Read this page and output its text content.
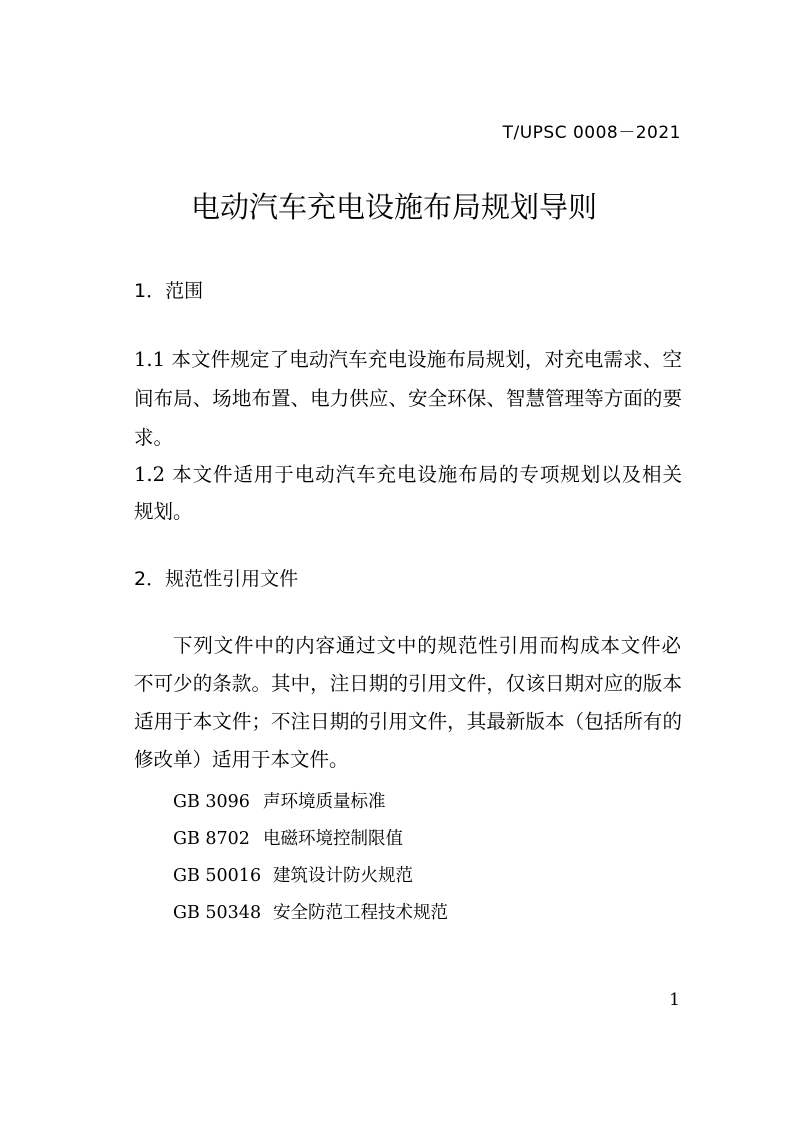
T/UPSC 0008－2021
电动汽车充电设施布局规划导则
1．范围
1.1 本文件规定了电动汽车充电设施布局规划，对充电需求、空
间布局、场地布置、电力供应、安全环保、智慧管理等方面的要
求。
1.2 本文件适用于电动汽车充电设施布局的专项规划以及相关
规划。
2．规范性引用文件
下列文件中的内容通过文中的规范性引用而构成本文件必
不可少的条款。其中，注日期的引用文件，仅该日期对应的版本
适用于本文件；不注日期的引用文件，其最新版本（包括所有的
修改单）适用于本文件。
GB 3096 声环境质量标准
GB 8702 电磁环境控制限值
GB 50016 建筑设计防火规范
GB 50348 安全防范工程技术规范
1
